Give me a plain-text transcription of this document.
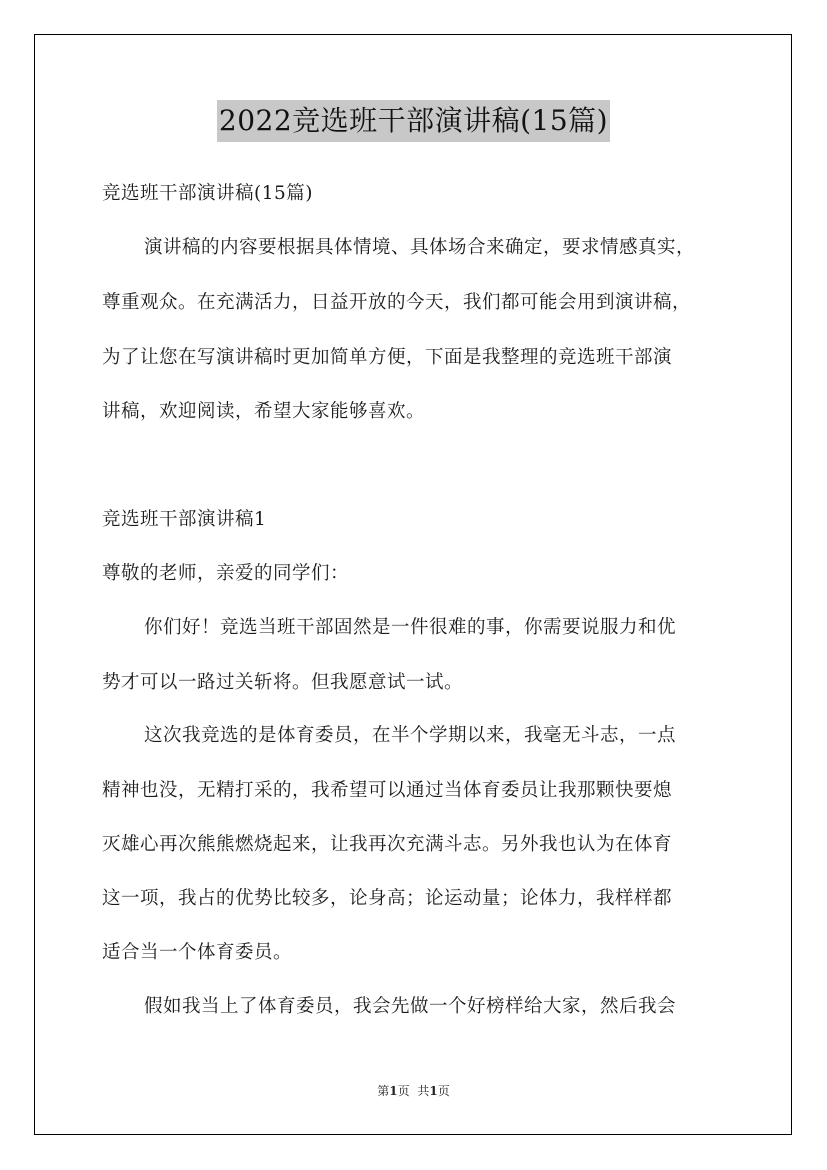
2022竞选班干部演讲稿(15篇)
竞选班干部演讲稿(15篇)
演讲稿的内容要根据具体情境、具体场合来确定，要求情感真实，
尊重观众。在充满活力，日益开放的今天，我们都可能会用到演讲稿，
为了让您在写演讲稿时更加简单方便，下面是我整理的竞选班干部演
讲稿，欢迎阅读，希望大家能够喜欢。
竞选班干部演讲稿1
尊敬的老师，亲爱的同学们：
你们好！竞选当班干部固然是一件很难的事，你需要说服力和优
势才可以一路过关斩将。但我愿意试一试。
这次我竞选的是体育委员，在半个学期以来，我毫无斗志，一点
精神也没，无精打采的，我希望可以通过当体育委员让我那颗快要熄
灭雄心再次熊熊燃烧起来，让我再次充满斗志。另外我也认为在体育
这一项，我占的优势比较多，论身高；论运动量；论体力，我样样都
适合当一个体育委员。
假如我当上了体育委员，我会先做一个好榜样给大家，然后我会
第1页 共1页
